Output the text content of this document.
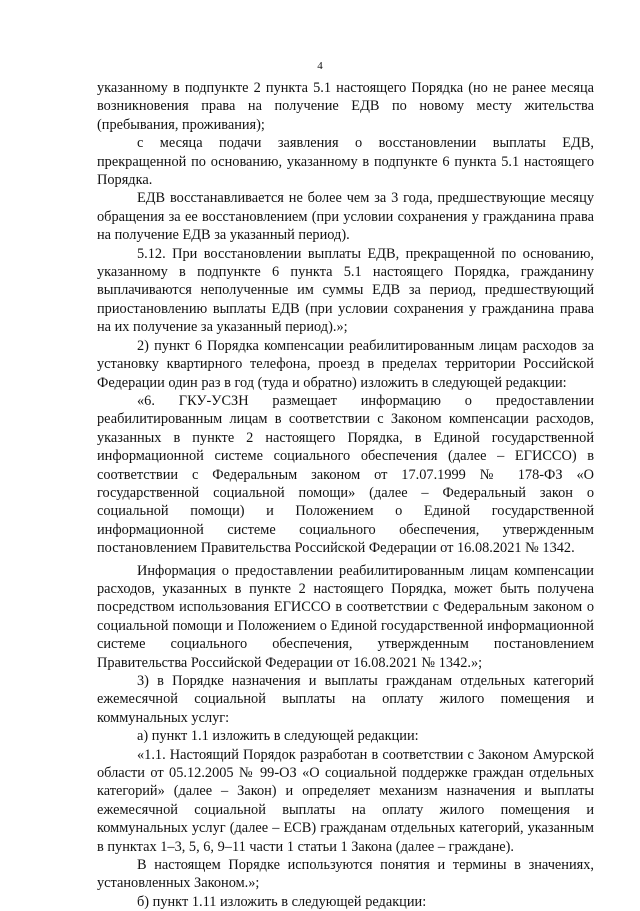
4

указанному в подпункте 2 пункта 5.1 настоящего Порядка (но не ранее месяца возникновения права на получение ЕДВ по новому месту жительства (пребывания, проживания);

с месяца подачи заявления о восстановлении выплаты ЕДВ, прекращенной по основанию, указанному в подпункте 6 пункта 5.1 настоящего Порядка.

ЕДВ восстанавливается не более чем за 3 года, предшествующие месяцу обращения за ее восстановлением (при условии сохранения у гражданина права на получение ЕДВ за указанный период).

5.12. При восстановлении выплаты ЕДВ, прекращенной по основанию, указанному в подпункте 6 пункта 5.1 настоящего Порядка, гражданину выплачиваются неполученные им суммы ЕДВ за период, предшествующий приостановлению выплаты ЕДВ (при условии сохранения у гражданина права на их получение за указанный период).»;

2) пункт 6 Порядка компенсации реабилитированным лицам расходов за установку квартирного телефона, проезд в пределах территории Российской Федерации один раз в год (туда и обратно) изложить в следующей редакции:

«6. ГКУ-УСЗН размещает информацию о предоставлении реабилитированным лицам в соответствии с Законом компенсации расходов, указанных в пункте 2 настоящего Порядка, в Единой государственной информационной системе социального обеспечения (далее – ЕГИССО) в соответствии с Федеральным законом от 17.07.1999 № 178-ФЗ «О государственной социальной помощи» (далее – Федеральный закон о социальной помощи) и Положением о Единой государственной информационной системе социального обеспечения, утвержденным постановлением Правительства Российской Федерации от 16.08.2021 № 1342.

Информация о предоставлении реабилитированным лицам компенсации расходов, указанных в пункте 2 настоящего Порядка, может быть получена посредством использования ЕГИССО в соответствии с Федеральным законом о социальной помощи и Положением о Единой государственной информационной системе социального обеспечения, утвержденным постановлением Правительства Российской Федерации от 16.08.2021 № 1342.»;

3) в Порядке назначения и выплаты гражданам отдельных категорий ежемесячной социальной выплаты на оплату жилого помещения и коммунальных услуг:

а) пункт 1.1 изложить в следующей редакции:

«1.1. Настоящий Порядок разработан в соответствии с Законом Амурской области от 05.12.2005 № 99-ОЗ «О социальной поддержке граждан отдельных категорий» (далее – Закон) и определяет механизм назначения и выплаты ежемесячной социальной выплаты на оплату жилого помещения и коммунальных услуг (далее – ЕСВ) гражданам отдельных категорий, указанным в пунктах 1–3, 5, 6, 9–11 части 1 статьи 1 Закона (далее – граждане).

В настоящем Порядке используются понятия и термины в значениях, установленных Законом.»;

б) пункт 1.11 изложить в следующей редакции:
